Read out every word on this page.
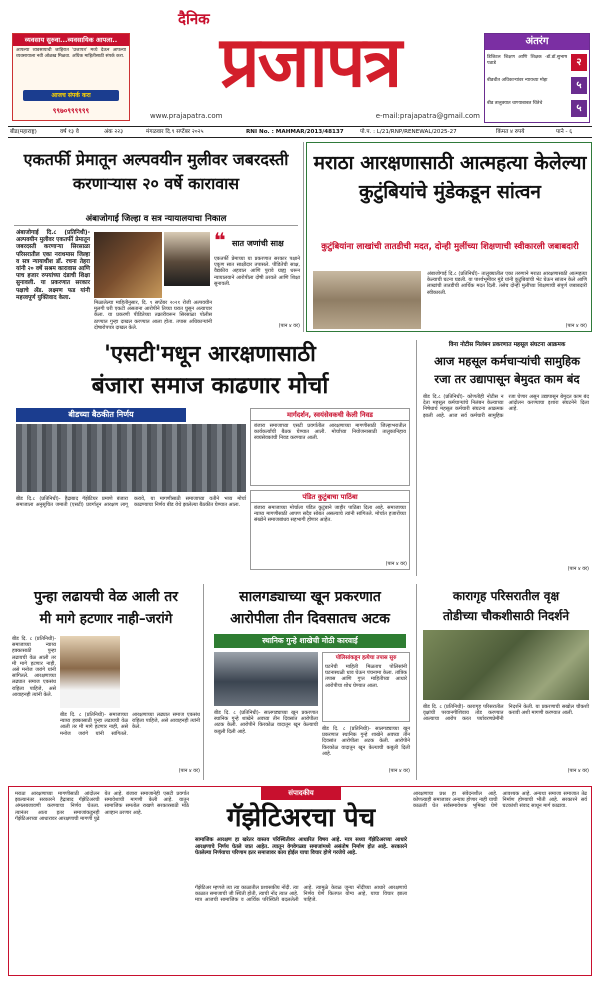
व्यवसाय सुरुवा...व्यवसायिक आपला..
आपल्या व्यवसायाची जाहिरात 'प्रजापत्र' मध्ये देऊन आपल्या व्यवसायाला नवी ओळख मिळवा. अधिक माहितीसाठी संपर्क करा.
आजच संपर्क करा
९९७०९९९९९९
दैनिक
प्रजापत्र
www.prajapatra.com	e-mail:prajapatra@gmail.com
अंतरंग
डिजिटल शिक्षण आणि शिक्षक -डॉ.डॉ.सुभाष पठाडे	२
बीडचीत अधिकाऱ्यांवर न्यायच्या मोहा	५
बीड तालुक्यात चाण्याबाबत चिंतेचे	५
बीड(महाराष्ट्र)	वर्ष १३ वे	अंक २२३	मंगळवार दि.९ सप्टेंबर २०२५	RNI No. : MAHMAR/2013/48137	पो.प. : L/21/RNP/RENEWAL/2025-27	किंमत ४ रुपये	पाने - ६
एकतर्फी प्रेमातून अल्पवयीन मुलीवर जबरदस्ती करणाऱ्यास २० वर्षे कारावास
अंबाजोगाई जिल्हा व सत्र न्यायालयाचा निकाल
अंबाजोगाई दि.८ (प्रतिनिधी)- अल्पवयीन मुलीवर एकतर्फी प्रेमातून जबरदस्ती करणाऱ्या सिरसाळा परिसरातील एका नराधमास जिल्हा व सत्र न्यायाधीश डॉ. रचना तेहरा यांनी २० वर्षे सश्रम कारावास आणि पाच हजार रुपयांच्या दंडाची शिक्षा सुनावली. या प्रकरणात सरकार पक्षाचे ॲड. लक्ष्मण फड यांनी महत्त्वपूर्ण युक्तिवाद केला.
❝ सात जणांची साक्ष
मिळालेल्या माहितीनुसार, दि. ९ सप्टेंबर २०२१ रोजी अल्पवयीन मुलगी घरी एकटी असताना आरोपीने तिच्या घरात घुसून अत्याचार केला. या प्रकरणी पीडितेच्या तक्रारीवरून सिरसाळा पोलीस ठाण्यात गुन्हा दाखल करण्यात आला होता. तपास अधिकाऱ्यांनी दोषारोपपत्र दाखल केले.
एकतर्फी प्रेमाच्या या प्रकरणात सरकार पक्षाने एकूण सात साक्षीदार तपासले. पीडितेची साक्ष, वैद्यकीय अहवाल आणि पुरावे ग्राह्य धरून न्यायालयाने आरोपीला दोषी ठरवले आणि शिक्षा सुनावली.
(पान ४ वर)
मराठा आरक्षणासाठी आत्महत्या केलेल्या कुटुंबियांचे मुंडेकडून सांत्वन
कुटुंबियांना लाखांची तातडीची मदत, दोन्ही मुलींच्या शिक्षणाची स्वीकारली जबाबदारी
अंबाजोगाई दि.८ (प्रतिनिधी)- तालुक्यातील एका तरुणाने मराठा आरक्षणासाठी आत्महत्या केल्याची घटना घडली. या पार्श्वभूमीवर मुंडे यांनी कुटुंबियांची भेट घेऊन सांत्वन केले आणि लाखांची तातडीची आर्थिक मदत दिली. तसेच दोन्ही मुलींच्या शिक्षणाची संपूर्ण जबाबदारी स्वीकारली.
(पान ४ वर)
'एसटी'मधून आरक्षणासाठी
बंजारा समाज काढणार मोर्चा
बीडच्या बैठकीत निर्णय
बीड दि.८ (प्रतिनिधी)- हैद्राबाद गॅझेटियर प्रमाणे बंजारा समाजाला अनुसूचित जमाती (एसटी) प्रवर्गातून आरक्षण लागू करावे, या मागणीसाठी समाजाच्या वतीने भव्य मोर्चा काढण्याचा निर्णय बीड येथे झालेल्या बैठकीत घेण्यात आला.
मार्गदर्शन, स्वयंसेवकची केली निवड
बंजारा समाजाच्या एसटी प्रवर्गातील आरक्षणाच्या मागणीसाठी जिल्हाभरातील कार्यकर्त्यांची बैठक घेण्यात आली. मोर्चाच्या नियोजनासाठी तालुकानिहाय स्वयंसेवकांची निवड करण्यात आली.
पंडित कुटुंबाचा पाठिंबा
बंजारा समाजाच्या मोर्चाला पंडित कुटुंबाने जाहीर पाठिंबा दिला आहे. समाजाच्या न्याय्य मागणीसाठी आपण सदैव सोबत असल्याचे त्यांनी सांगितले. मोर्चात हजारोंच्या संख्येने समाजबांधव सहभागी होणार आहेत.
(पान ४ वर)
विना नोटीस निलंबन प्रकरणात महसूल संघटना आक्रमक
आज महसूल कर्मचाऱ्यांची सामुहिक
रजा तर उद्यापासून बेमुदत काम बंद
बीड दि.८ (प्रतिनिधी)- कोणतीही नोटीस न देता महसूल कर्मचाऱ्यांचे निलंबन केल्याच्या निषेधार्थ महसूल कर्मचारी संघटना आक्रमक झाली आहे. आज सर्व कर्मचारी सामुहिक रजा घेणार असून उद्यापासून बेमुदत काम बंद आंदोलन करण्याचा इशारा संघटनेने दिला आहे.
(पान ४ वर)
पुन्हा लढायची वेळ आली तर
मी मागे हटणार नाही–जरांगे
बीड दि. ८ (प्रतिनिधी)- समाजाच्या न्याय्य हक्कासाठी पुन्हा लढायची वेळ आली तर मी मागे हटणार नाही, असे मनोज जरांगे यांनी सांगितले. आरक्षणाच्या लढ्यात समाज एकसंध राहिला पाहिजे, असे आवाहनही त्यांनी केले.
बीड दि. ८ (प्रतिनिधी)- समाजाच्या न्याय्य हक्कासाठी पुन्हा लढायची वेळ आली तर मी मागे हटणार नाही, असे मनोज जरांगे यांनी सांगितले. आरक्षणाच्या लढ्यात समाज एकसंध राहिला पाहिजे, असे आवाहनही त्यांनी केले.
(पान ४ वर)
सालगड्याच्या खून प्रकरणात
आरोपीला तीन दिवसातच अटक
स्थानिक गुन्हे शाखेची मोठी कारवाई
पोलिसांकडून हत्येचा तपास सुरु
घटनेची माहिती मिळताच पोलिसांनी घटनास्थळी धाव घेऊन पंचनामा केला. तांत्रिक तपास आणि गुप्त माहितीच्या आधारे आरोपीचा शोध घेण्यात आला.
बीड दि. ८ (प्रतिनिधी)- सालगड्याच्या खून प्रकरणात स्थानिक गुन्हे शाखेने अवघ्या तीन दिवसांत आरोपीला अटक केली. आरोपीने किरकोळ वादातून खून केल्याची कबुली दिली आहे.	बीड दि. ८ (प्रतिनिधी)- सालगड्याच्या खून प्रकरणात स्थानिक गुन्हे शाखेने अवघ्या तीन दिवसांत आरोपीला अटक केली. आरोपीने किरकोळ वादातून खून केल्याची कबुली दिली आहे.
(पान ४ वर)
कारागृह परिसरातील वृक्ष
तोडीच्या चौकशीसाठी निदर्शने
बीड दि. ८ (प्रतिनिधी)- कारागृह परिसरातील वृक्षांची परवानगीशिवाय तोड करण्यात आल्याचा आरोप करत पर्यावरणप्रेमींनी निदर्शने केली. या प्रकरणाची सखोल चौकशी करावी अशी मागणी करण्यात आली.
(पान ४ वर)
संपादकीय
गॅझेटिअरचा पेच
सामाजिक आरक्षण हा खरेतर वास्तव परिस्थितीवर आधारित विषय आहे. मात्र सध्या गॅझेटिअरच्या आधारे आरक्षणाचे निर्णय घेतले जात आहेत. त्यातून वेगवेगळ्या समाजांमध्ये असंतोष निर्माण होत आहे. सरकारने घेतलेल्या निर्णयाचा परिणाम इतर समाजावर काय होईल याचा विचार होणे गरजेचे आहे.
मराठा आरक्षणाच्या मागणीसाठी आंदोलन झाल्यानंतर सरकारने हैद्राबाद गॅझेटिअरची अंमलबजावणी करण्याचा निर्णय घेतला. त्यानंतर आता इतर समाजांकडूनही गॅझेटिअरच्या आधारावर आरक्षणाची मागणी पुढे येत आहे. बंजारा समाजानेही एसटी प्रवर्गात समावेशाची मागणी केली आहे. यातून सामाजिक समतोल राखणे सरकारसाठी मोठे आव्हान ठरणार आहे.
गॅझेटिअर म्हणजे त्या त्या काळातील प्रशासकीय नोंदी. त्या काळात समाजाची जी स्थिती होती, त्याची नोंद त्यात आहे. मात्र आजची सामाजिक व आर्थिक परिस्थिती बदललेली आहे. त्यामुळे केवळ जुन्या नोंदींच्या आधारे आरक्षणाचे निर्णय घेणे कितपत योग्य आहे, याचा विचार झाला पाहिजे.
आरक्षणाचा प्रश्न हा संवेदनशील आहे. कोणत्याही समाजावर अन्याय होणार नाही याची काळजी घेत सर्वसमावेशक भूमिका घेणे आवश्यक आहे. अन्यथा समाजा समाजात तेढ निर्माण होण्याची भीती आहे. सरकारने सर्व घटकांशी संवाद साधून मार्ग काढावा.
